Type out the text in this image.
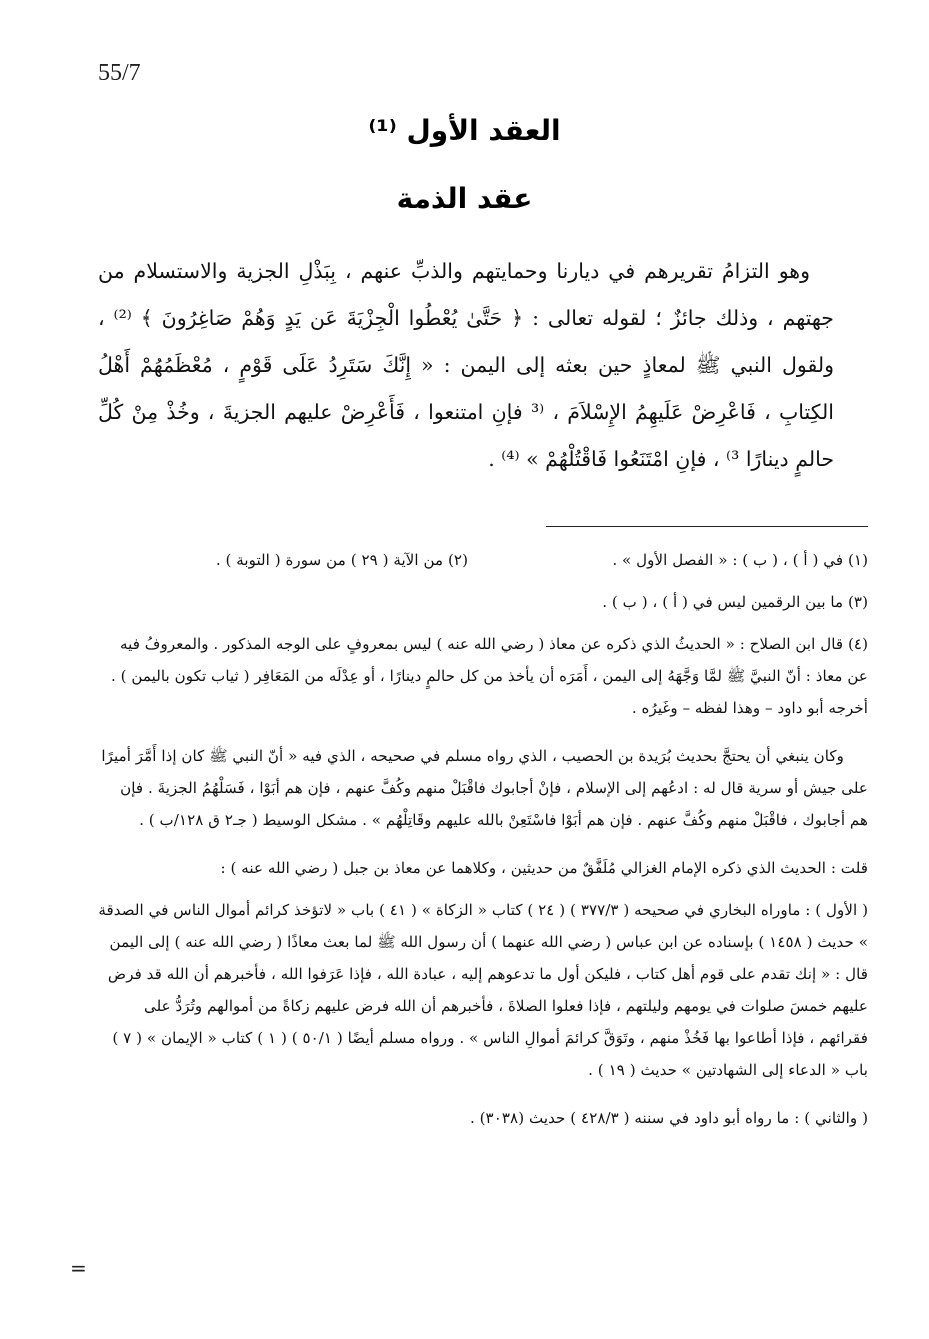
55/7
العقد الأول ⁽¹⁾
عقد الذمة

وهو التزامُ تقريرهم في ديارنا وحمايتهم والذبِّ عنهم ، بِبَذْلِ الجزية والاستسلام من جهتهم ، وذلك جائزٌ ؛ لقوله تعالى : ﴿ حَتَّىٰ يُعْطُوا الْجِزْيَةَ عَن يَدٍ وَهُمْ صَاغِرُونَ ﴾ ⁽²⁾ ، ولقول النبي ﷺ لمعاذٍ حين بعثه إلى اليمن : « إِنَّكَ سَتَرِدُ عَلَى قَوْمٍ ، مُعْظَمُهُمْ أَهْلُ الكِتابِ ، فَاعْرِضْ عَلَيهِمُ الإِسْلاَمَ ، ⁽³ فإنِ امتنعوا ، فَأَعْرِضْ عليهم الجزيةَ ، وخُذْ مِنْ كُلِّ حالمٍ دينارًا ³⁾ ، فإنِ امْتَنَعُوا فَاقْتُلْهُمْ » ⁽⁴⁾ .

(١) في ( أ ) ، ( ب ) : « الفصل الأول » .
(٢) من الآية ( ٢٩ ) من سورة ( التوبة ) .

(٣) ما بين الرقمين ليس في ( أ ) ، ( ب ) .

(٤) قال ابن الصلاح : « الحديثُ الذي ذكره عن معاذ ( رضي الله عنه ) ليس بمعروفٍ على الوجه المذكور . والمعروفُ فيه عن معاذ : أنّ النبيَّ ﷺ لمَّا وَجَّهَهُ إلى اليمن ، أَمَرَه أن يأخذ من كل حالمٍ دينارًا ، أو عِدْلَه من المَعَافِر ( ثياب تكون باليمن ) . أخرجه أبو داود – وهذا لفظه – وغَيرُه .

وكان ينبغي أن يحتجَّ بحديث بُرَيدة بن الحصيب ، الذي رواه مسلم في صحيحه ، الذي فيه « أنّ النبي ﷺ كان إذا أَمَّرَ أميرًا على جيش أو سرية قال له : ادعُهم إلى الإسلام ، فإنْ أجابوك فاقْبَلْ منهم وكُفَّ عنهم ، فإن هم أبَوْا ، فَسَلْهُمُ الجزيةَ . فإن هم أجابوك ، فاقْبَلْ منهم وكُفَّ عنهم . فإن هم أبَوْا فاسْتَعِنْ بالله عليهم وقَاتِلْهُم » . مشكل الوسيط ( جـ٢ ق ١٢٨/ب ) .

قلت : الحديث الذي ذكره الإمام الغزالي مُلَفَّقٌ من حديثين ، وكلاهما عن معاذ بن جبل ( رضي الله عنه ) :

( الأول ) : ماوراه البخاري في صحيحه ( ٣٧٧/٣ ) ( ٢٤ ) كتاب « الزكاة » ( ٤١ ) باب « لاتؤخذ كرائم أموال الناس في الصدقة » حديث ( ١٤٥٨ ) بإسناده عن ابن عباس ( رضي الله عنهما ) أن رسول الله ﷺ لما بعث معاذًا ( رضي الله عنه ) إلى اليمن قال : « إنك تقدم على قوم أهل كتاب ، فليكن أول ما تدعوهم إليه ، عبادة الله ، فإذا عَرَفوا الله ، فأخبرهم أن الله قد فرض عليهم خمسَ صلوات في يومهم وليلتهم ، فإذا فعلوا الصلاةَ ، فأخبرهم أن الله فرض عليهم زكاةً من أموالهم وتُرَدُّ على فقرائهم ، فإذا أطاعوا بها فَخُذْ منهم ، وتَوَقَّ كرائمَ أموالِ الناس » . ورواه مسلم أيضًا ( ٥٠/١ ) ( ١ ) كتاب « الإيمان » ( ٧ ) باب « الدعاء إلى الشهادتين » حديث ( ١٩ ) .

( والثاني ) : ما رواه أبو داود في سننه ( ٤٢٨/٣ ) حديث (٣٠٣٨) .

=
